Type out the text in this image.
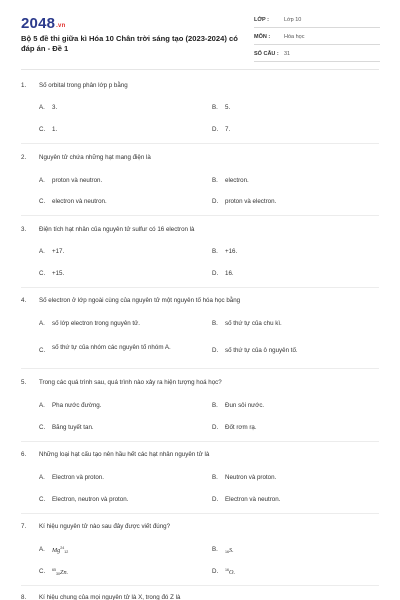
2048.vn
Bộ 5 đề thi giữa kì Hóa 10 Chân trời sáng tạo (2023-2024) có đáp án - Đề 1
LỚP :	Lớp 10
MÔN :	Hóa học
SỐ CÂU : 31
1. Số orbital trong phân lớp p bằng
A.	3.	B.	5.
C.	1.	D.	7.
2. Nguyên tử chứa những hạt mang điện là
A.	proton và neutron.	B.	electron.
C.	electron và neutron.	D.	proton và electron.
3. Điện tích hạt nhân của nguyên tử sulfur có 16 electron là
A.	+17.	B.	+16.
C.	+15.	D.	16.
4. Số electron ở lớp ngoài cùng của nguyên tử một nguyên tố hóa học bằng
A.	số lớp electron trong nguyên tử.	B.	số thứ tự của chu kì.
C.	số thứ tự của nhóm các nguyên tố nhóm A.	D.	số thứ tự của ô nguyên tố.
5. Trong các quá trình sau, quá trình nào xảy ra hiện tượng hoá học?
A.	Pha nước đường.	B.	Đun sôi nước.
C.	Băng tuyết tan.	D.	Đốt rơm rạ.
6. Những loại hạt cấu tạo nên hầu hết các hạt nhân nguyên tử là
A.	Electron và proton.	B.	Neutron và proton.
C.	Electron, neutron và proton.	D.	Electron và neutron.
7. Kí hiệu nguyên tử nào sau đây được viết đúng?
A.	$Mg^{24}_{12}$	B.	$_{16}$S.
C.	$^{65}_{30}$Zn.	D.	$^{16}$O.
8. Kí hiệu chung của mọi nguyên tử là X, trong đó Z là
